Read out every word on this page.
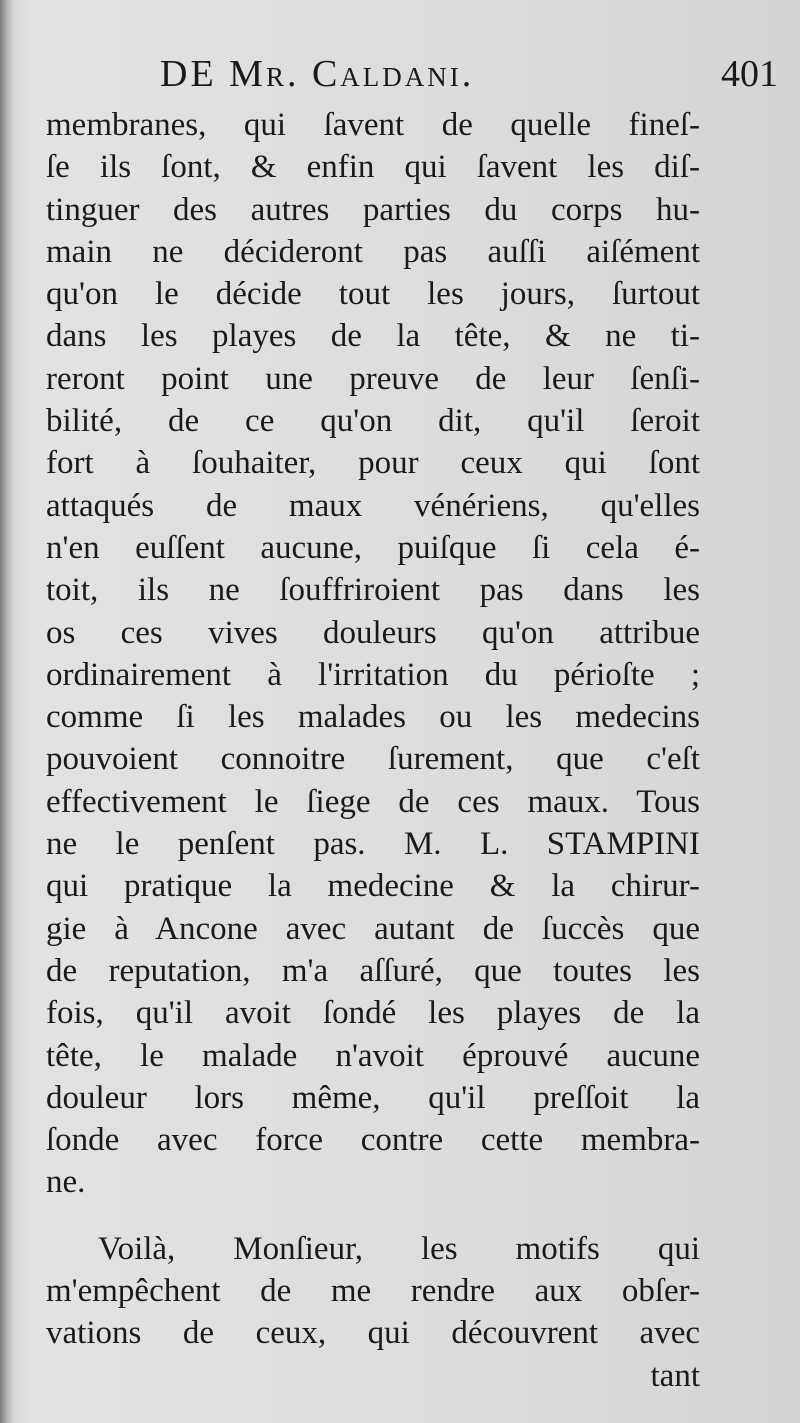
DE Mr. Caldani.	401
membranes, qui ſavent de quelle fineſ-
ſe ils ſont, & enfin qui ſavent les diſ-
tinguer des autres parties du corps hu-
main ne décideront pas auſſi aiſément
qu'on le décide tout les jours, ſurtout
dans les playes de la tête, & ne ti-
reront point une preuve de leur ſenſi-
bilité, de ce qu'on dit, qu'il ſeroit
fort à ſouhaiter, pour ceux qui ſont
attaqués de maux vénériens, qu'elles
n'en euſſent aucune, puiſque ſi cela é-
toit, ils ne ſouffriroient pas dans les
os ces vives douleurs qu'on attribue
ordinairement à l'irritation du périoſte ;
comme ſi les malades ou les medecins
pouvoient connoitre ſurement, que c'eſt
effectivement le ſiege de ces maux. Tous
ne le penſent pas. M. L. STAMPINI
qui pratique la medecine & la chirur-
gie à Ancone avec autant de ſuccès que
de reputation, m'a aſſuré, que toutes les
fois, qu'il avoit ſondé les playes de la
tête, le malade n'avoit éprouvé aucune
douleur lors même, qu'il preſſoit la
ſonde avec force contre cette membra-
ne.
Voilà, Monſieur, les motifs qui
m'empêchent de me rendre aux obſer-
vations de ceux, qui découvrent avec
tant
